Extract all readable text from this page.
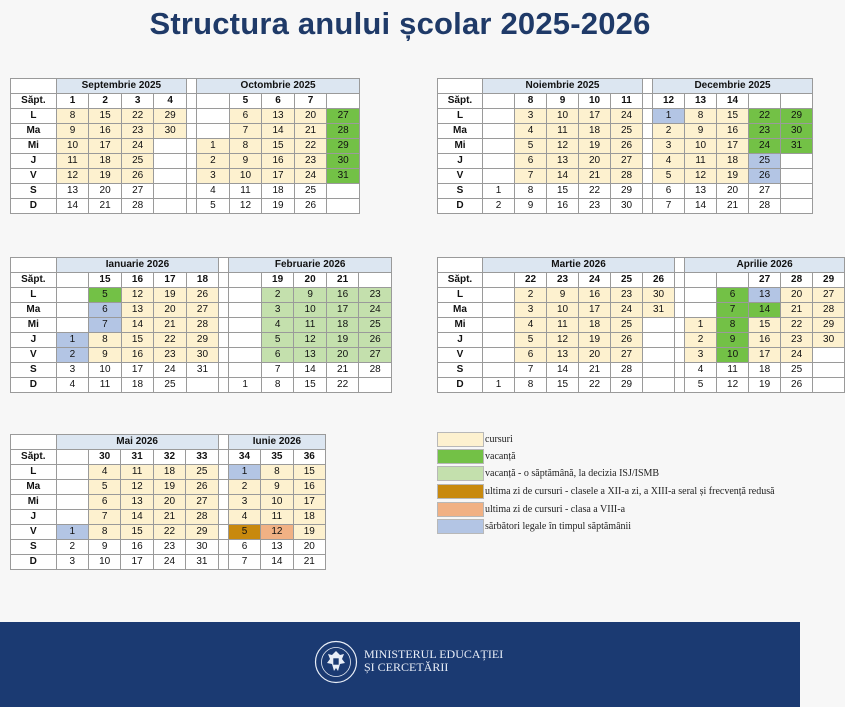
Structura anului școlar 2025-2026
	Septembrie 2025					Octombrie 2025				
Săpt.	1	2	3	4			5	6	7	
L	8	15	22	29			6	13	20	27
Ma	9	16	23	30			7	14	21	28
Mi	10	17	24			1	8	15	22	29
J	11	18	25			2	9	16	23	30
V	12	19	26			3	10	17	24	31
S	13	20	27			4	11	18	25	
D	14	21	28			5	12	19	26	
	Noiembrie 2025						Decembrie 2025				
Săpt.		8	9	10	11		12	13	14		
L		3	10	17	24		1	8	15	22	29
Ma		4	11	18	25		2	9	16	23	30
Mi		5	12	19	26		3	10	17	24	31
J		6	13	20	27		4	11	18	25	
V		7	14	21	28		5	12	19	26	
S	1	8	15	22	29		6	13	20	27	
D	2	9	16	23	30		7	14	21	28	
	Ianuarie 2026						Februarie 2026				
Săpt.		15	16	17	18			19	20	21	
L		5	12	19	26			2	9	16	23
Ma		6	13	20	27			3	10	17	24
Mi		7	14	21	28			4	11	18	25
J	1	8	15	22	29			5	12	19	26
V	2	9	16	23	30			6	13	20	27
S	3	10	17	24	31			7	14	21	28
D	4	11	18	25			1	8	15	22	
	Martie 2026							Aprilie 2026				
Săpt.		22	23	24	25	26				27	28	29
L		2	9	16	23	30			6	13	20	27
Ma		3	10	17	24	31			7	14	21	28
Mi		4	11	18	25			1	8	15	22	29
J		5	12	19	26			2	9	16	23	30
V		6	13	20	27			3	10	17	24	
S		7	14	21	28			4	11	18	25	
D	1	8	15	22	29			5	12	19	26	
	Mai 2026						Iunie 2026		
Săpt.		30	31	32	33		34	35	36
L		4	11	18	25		1	8	15
Ma		5	12	19	26		2	9	16
Mi		6	13	20	27		3	10	17
J		7	14	21	28		4	11	18
V	1	8	15	22	29		5	12	19
S	2	9	16	23	30		6	13	20
D	3	10	17	24	31		7	14	21
cursuri
vacanță
vacanță - o săptămână, la decizia ISJ/ISMB
ultima zi de cursuri - clasele a XII-a zi, a XIII-a seral și frecvență redusă
ultima zi de cursuri - clasa a VIII-a
sărbători legale în timpul săptămânii
MINISTERUL EDUCAȚIEI
ȘI CERCETĂRII
